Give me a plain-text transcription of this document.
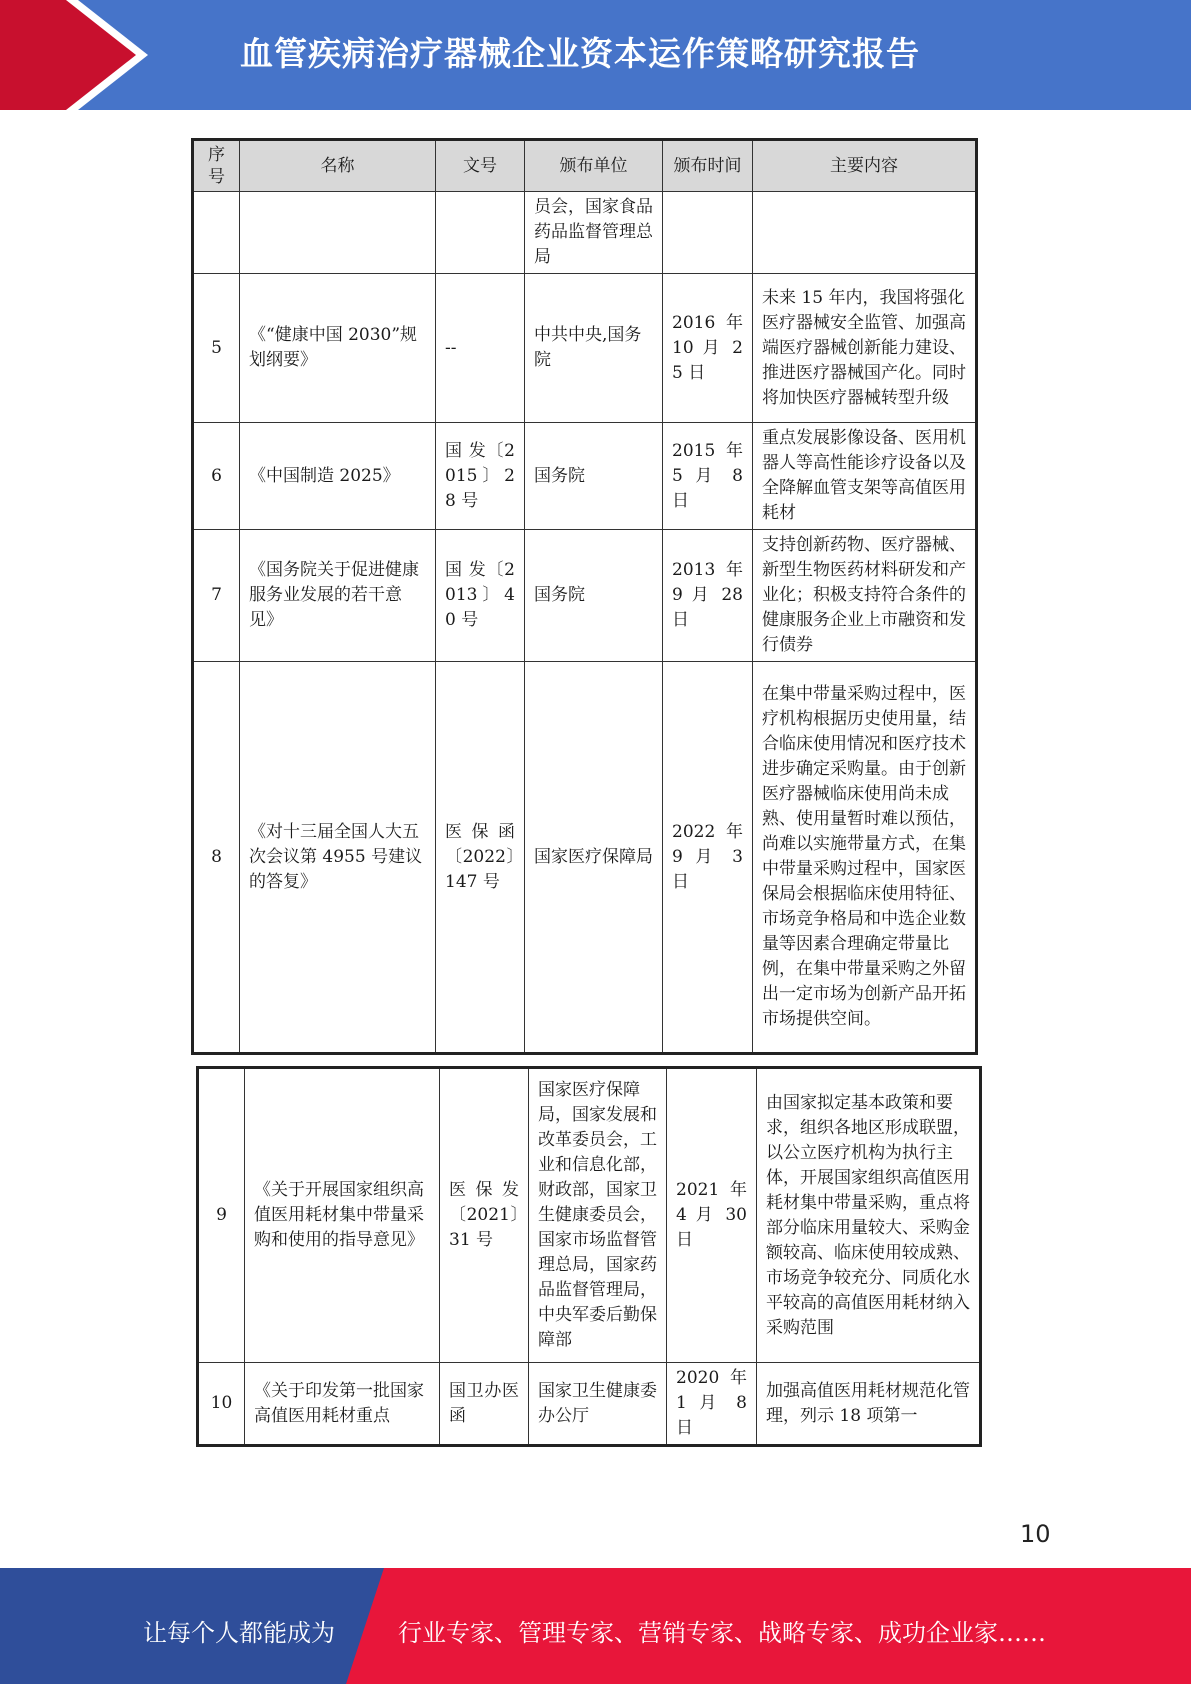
血管疾病治疗器械企业资本运作策略研究报告
序号	名称	文号	颁布单位	颁布时间	主要内容
			员会，国家食品药品监督管理总局		
5	《“健康中国 2030”规划纲要》	--	中共中央,国务院	2016 年 10 月 25 日	未来 15 年内，我国将强化医疗器械安全监管、加强高端医疗器械创新能力建设、推进医疗器械国产化。同时将加快医疗器械转型升级
6	《中国制造 2025》	国 发〔2015〕28 号	国务院	2015 年 5 月 8 日	重点发展影像设备、医用机器人等高性能诊疗设备以及全降解血管支架等高值医用耗材
7	《国务院关于促进健康服务业发展的若干意见》	国 发〔2013〕40 号	国务院	2013 年 9 月 28 日	支持创新药物、医疗器械、新型生物医药材料研发和产业化；积极支持符合条件的健康服务企业上市融资和发行债券
8	《对十三届全国人大五次会议第 4955 号建议的答复》	医保函〔2022〕147 号	国家医疗保障局	2022 年 9 月 3 日	在集中带量采购过程中，医疗机构根据历史使用量，结合临床使用情况和医疗技术进步确定采购量。由于创新医疗器械临床使用尚未成熟、使用量暂时难以预估，尚难以实施带量方式，在集中带量采购过程中，国家医保局会根据临床使用特征、市场竞争格局和中选企业数量等因素合理确定带量比例，在集中带量采购之外留出一定市场为创新产品开拓市场提供空间。
9	《关于开展国家组织高值医用耗材集中带量采购和使用的指导意见》	医保发〔2021〕31 号	国家医疗保障局，国家发展和改革委员会，工业和信息化部，财政部，国家卫生健康委员会，国家市场监督管理总局，国家药品监督管理局，中央军委后勤保障部	2021 年 4 月 30 日	由国家拟定基本政策和要求，组织各地区形成联盟，以公立医疗机构为执行主体，开展国家组织高值医用耗材集中带量采购，重点将部分临床用量较大、采购金额较高、临床使用较成熟、市场竞争较充分、同质化水平较高的高值医用耗材纳入采购范围
10	《关于印发第一批国家高值医用耗材重点	国卫办医 函	国家卫生健康委办公厅	2020 年 1 月 8 日	加强高值医用耗材规范化管理，列示 18 项第一
10
让每个人都能成为	行业专家、管理专家、营销专家、战略专家、成功企业家……
